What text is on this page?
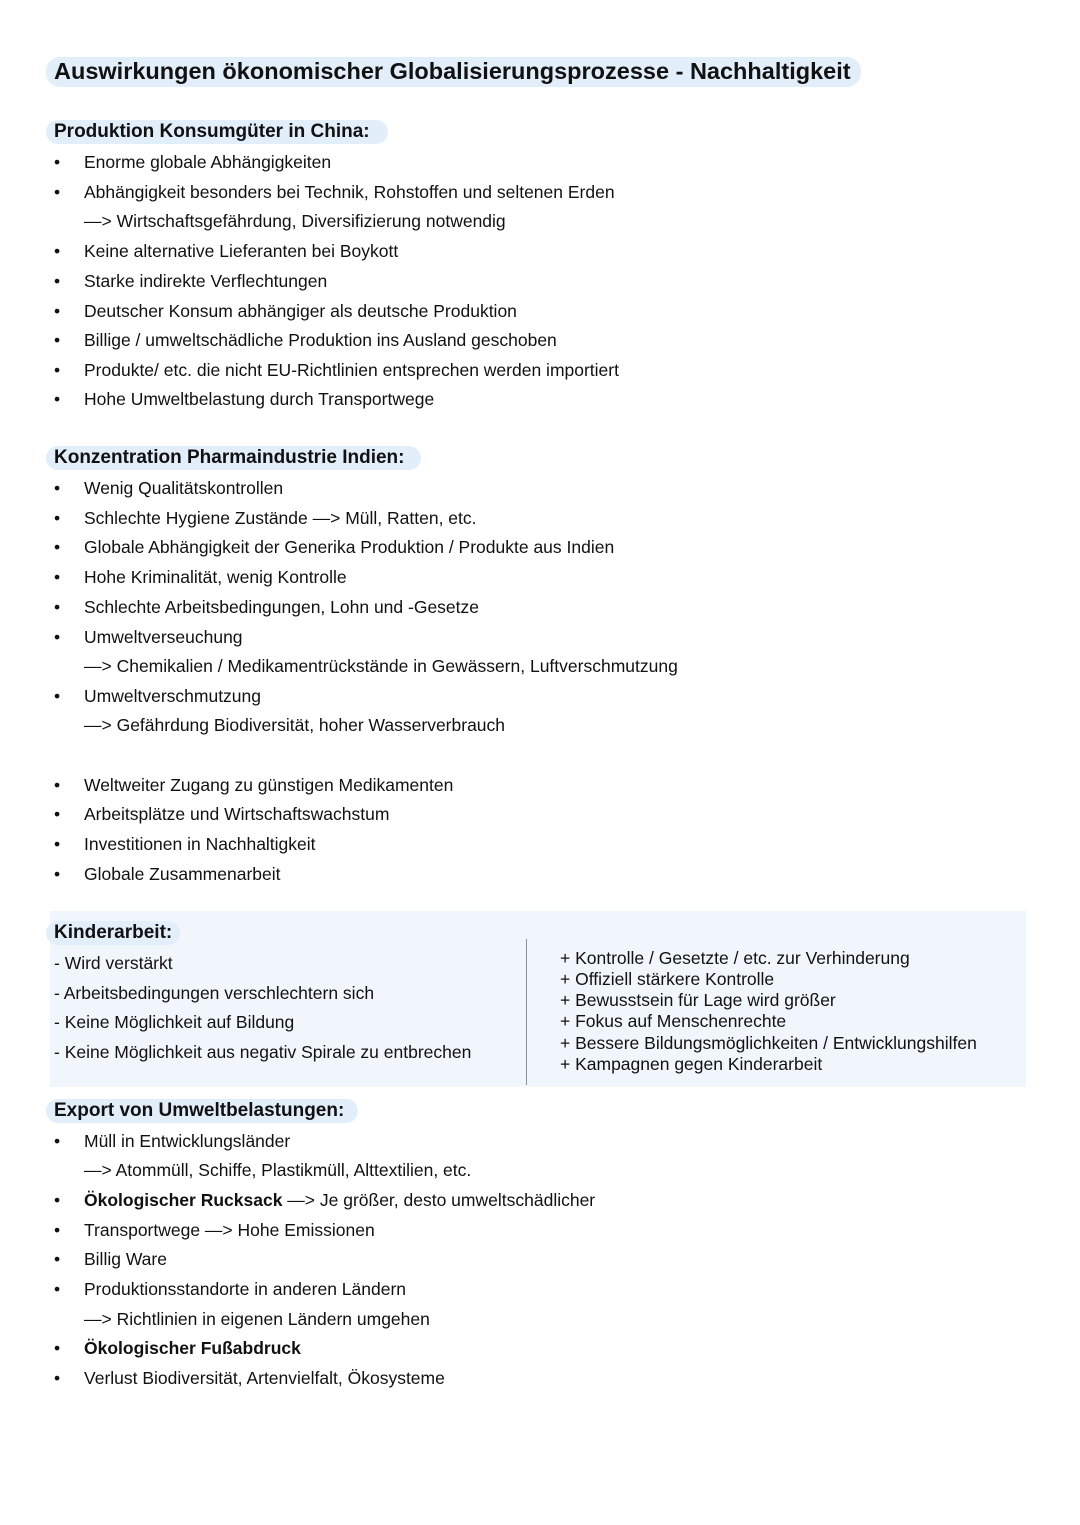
Auswirkungen ökonomischer Globalisierungsprozesse - Nachhaltigkeit
Produktion Konsumgüter in China:
• Enorme globale Abhängigkeiten
• Abhängigkeit besonders bei Technik, Rohstoffen und seltenen Erden
—> Wirtschaftsgefährdung, Diversifizierung notwendig
• Keine alternative Lieferanten bei Boykott
• Starke indirekte Verflechtungen
• Deutscher Konsum abhängiger als deutsche Produktion
• Billige / umweltschädliche Produktion ins Ausland geschoben
• Produkte/ etc. die nicht EU-Richtlinien entsprechen werden importiert
• Hohe Umweltbelastung durch Transportwege
Konzentration Pharmaindustrie Indien:
• Wenig Qualitätskontrollen
• Schlechte Hygiene Zustände —> Müll, Ratten, etc.
• Globale Abhängigkeit der Generika Produktion / Produkte aus Indien
• Hohe Kriminalität, wenig Kontrolle
• Schlechte Arbeitsbedingungen, Lohn und -Gesetze
• Umweltverseuchung
—> Chemikalien / Medikamentrückstände in Gewässern, Luftverschmutzung
• Umweltverschmutzung
—> Gefährdung Biodiversität, hoher Wasserverbrauch
• Weltweiter Zugang zu günstigen Medikamenten
• Arbeitsplätze und Wirtschaftswachstum
• Investitionen in Nachhaltigkeit
• Globale Zusammenarbeit
Kinderarbeit:
- Wird verstärkt
- Arbeitsbedingungen verschlechtern sich
- Keine Möglichkeit auf Bildung
- Keine Möglichkeit aus negativ Spirale zu entbrechen
+ Kontrolle / Gesetzte / etc. zur Verhinderung
+ Offiziell stärkere Kontrolle
+ Bewusstsein für Lage wird größer
+ Fokus auf Menschenrechte
+ Bessere Bildungsmöglichkeiten / Entwicklungshilfen
+ Kampagnen gegen Kinderarbeit
Export von Umweltbelastungen:
• Müll in Entwicklungsländer
—> Atommüll, Schiffe, Plastikmüll, Alttextilien, etc.
• Ökologischer Rucksack —> Je größer, desto umweltschädlicher
• Transportwege —> Hohe Emissionen
• Billig Ware
• Produktionsstandorte in anderen Ländern
—> Richtlinien in eigenen Ländern umgehen
• Ökologischer Fußabdruck
• Verlust Biodiversität, Artenvielfalt, Ökosysteme
